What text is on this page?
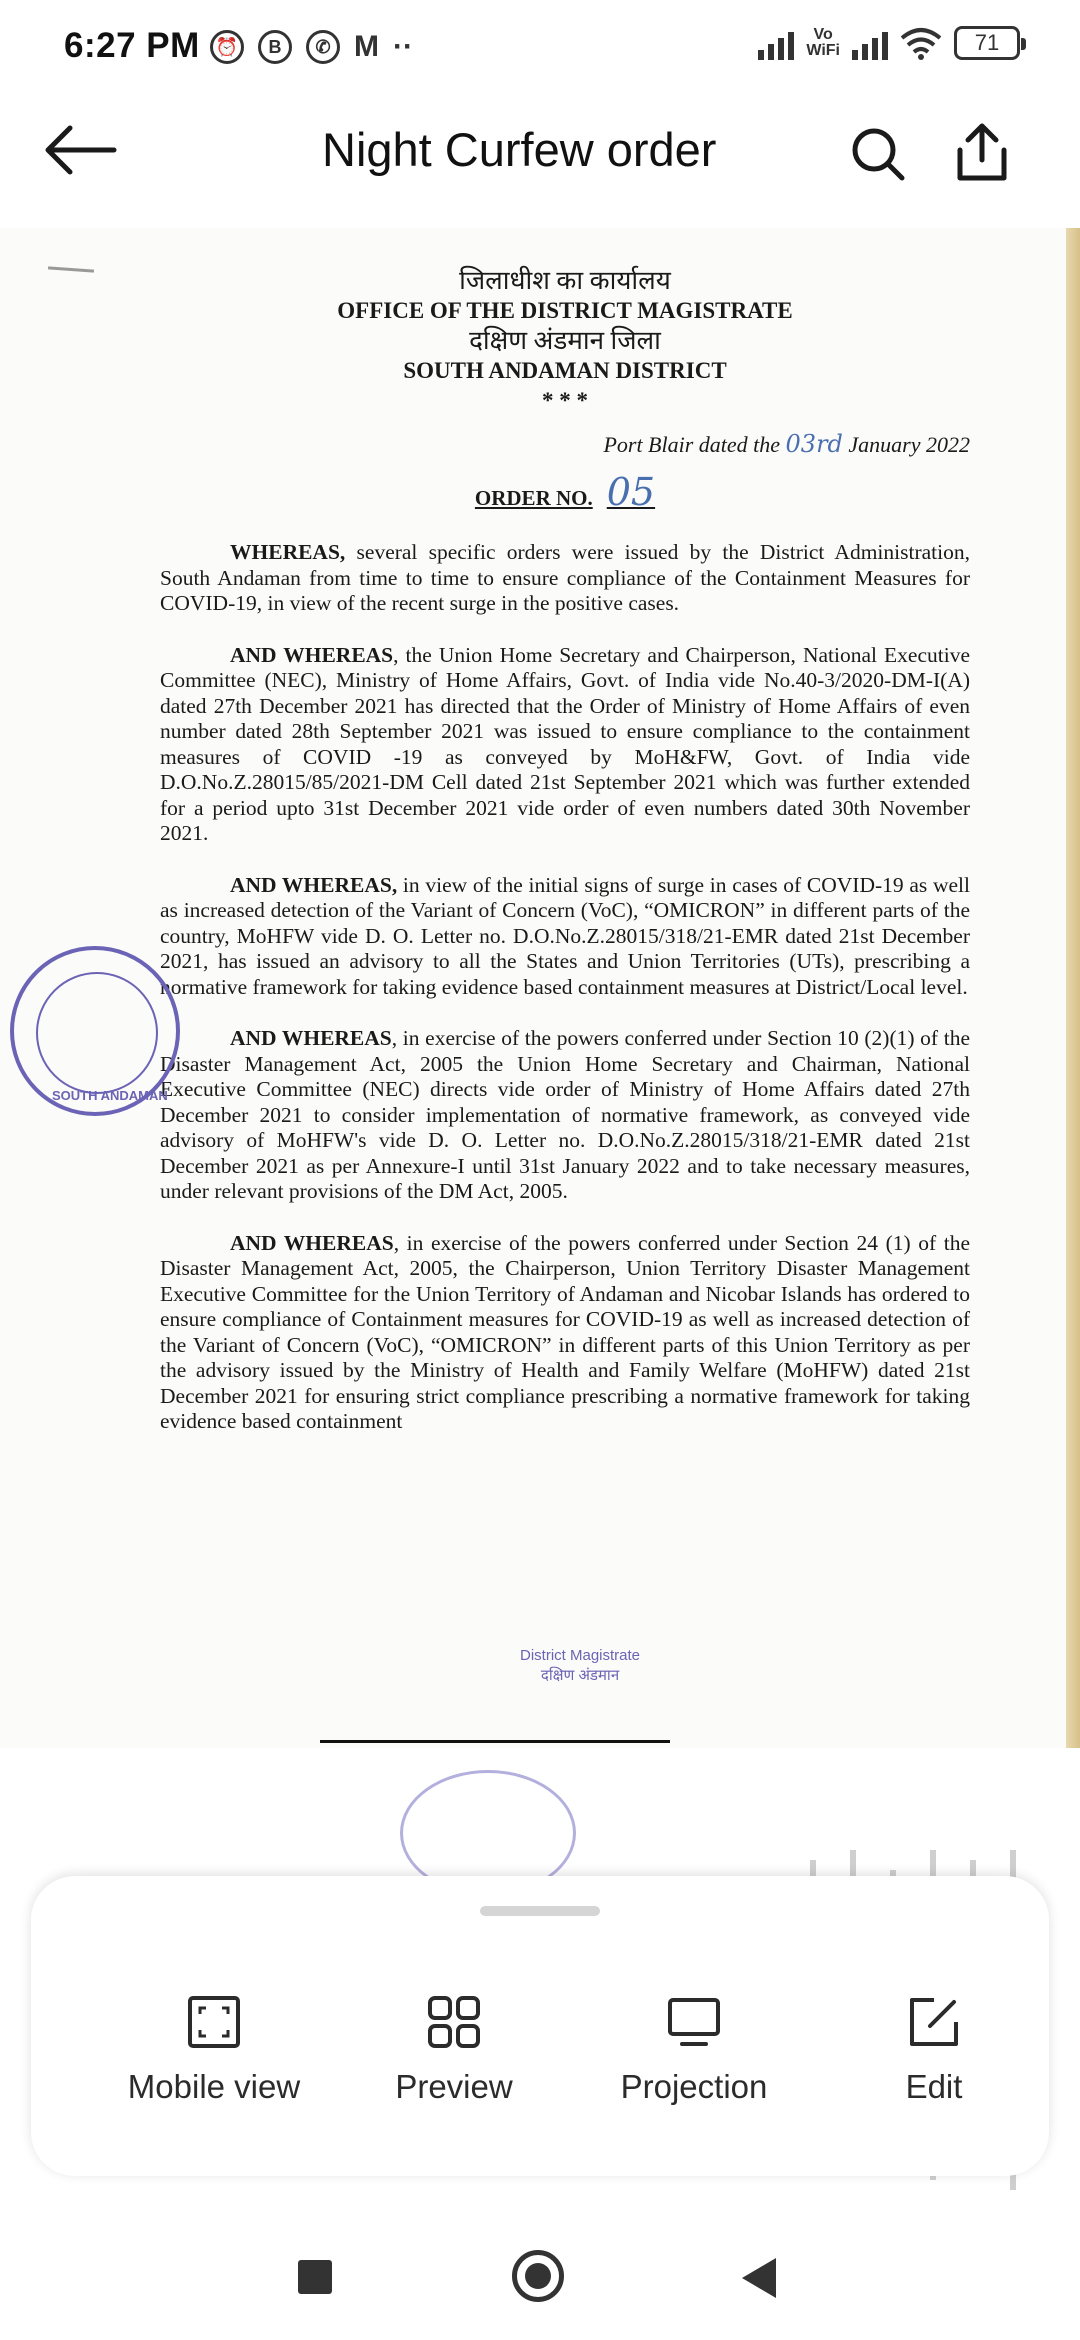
6:27 PM ⏰	B	✆ M ··	Vo
WiFi	71
Night Curfew order
जिलाधीश का कार्यालय
OFFICE OF THE DISTRICT MAGISTRATE
दक्षिण अंडमान जिला
SOUTH ANDAMAN DISTRICT
* * *
Port Blair dated the 03rd January 2022
ORDER NO. 05

WHEREAS, several specific orders were issued by the District Administration, South Andaman from time to time to ensure compliance of the Containment Measures for COVID-19, in view of the recent surge in the positive cases.

AND WHEREAS, the Union Home Secretary and Chairperson, National Executive Committee (NEC), Ministry of Home Affairs, Govt. of India vide No.40-3/2020-DM-I(A) dated 27th December 2021 has directed that the Order of Ministry of Home Affairs of even number dated 28th September 2021 was issued to ensure compliance to the containment measures of COVID -19 as conveyed by MoH&FW, Govt. of India vide D.O.No.Z.28015/85/2021-DM Cell dated 21st September 2021 which was further extended for a period upto 31st December 2021 vide order of even numbers dated 30th November 2021.

AND WHEREAS, in view of the initial signs of surge in cases of COVID-19 as well as increased detection of the Variant of Concern (VoC), “OMICRON” in different parts of the country, MoHFW vide D. O. Letter no. D.O.No.Z.28015/318/21-EMR dated 21st December 2021, has issued an advisory to all the States and Union Territories (UTs), prescribing a normative framework for taking evidence based containment measures at District/Local level.

AND WHEREAS, in exercise of the powers conferred under Section 10 (2)(1) of the Disaster Management Act, 2005 the Union Home Secretary and Chairman, National Executive Committee (NEC) directs vide order of Ministry of Home Affairs dated 27th December 2021 to consider implementation of normative framework, as conveyed vide advisory of MoHFW's vide D. O. Letter no. D.O.No.Z.28015/318/21-EMR dated 21st December 2021 as per Annexure-I until 31st January 2022 and to take necessary measures, under relevant provisions of the DM Act, 2005.

AND WHEREAS, in exercise of the powers conferred under Section 24 (1) of the Disaster Management Act, 2005, the Chairperson, Union Territory Disaster Management Executive Committee for the Union Territory of Andaman and Nicobar Islands has ordered to ensure compliance of Containment measures for COVID-19 as well as increased detection of the Variant of Concern (VoC), “OMICRON” in different parts of this Union Territory as per the advisory issued by the Ministry of Health and Family Welfare (MoHFW) dated 21st December 2021 for ensuring strict compliance prescribing a normative framework for taking evidence based containment

SOUTH ANDAMAN
District Magistrate
दक्षिण अंडमान
Mobile view	Preview	Projection	Edit
